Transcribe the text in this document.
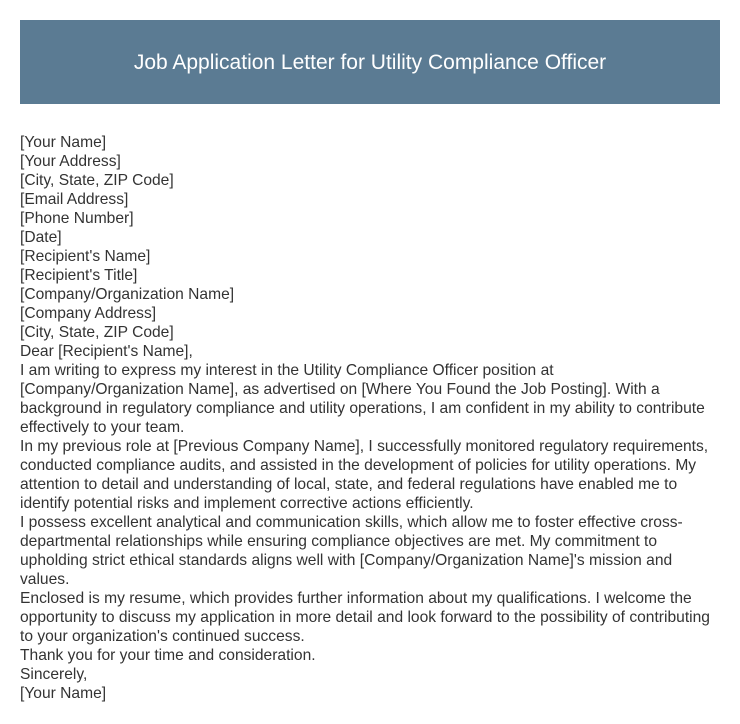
Job Application Letter for Utility Compliance Officer
[Your Name]
[Your Address]
[City, State, ZIP Code]
[Email Address]
[Phone Number]
[Date]
[Recipient's Name]
[Recipient's Title]
[Company/Organization Name]
[Company Address]
[City, State, ZIP Code]
Dear [Recipient's Name],
I am writing to express my interest in the Utility Compliance Officer position at [Company/Organization Name], as advertised on [Where You Found the Job Posting]. With a background in regulatory compliance and utility operations, I am confident in my ability to contribute effectively to your team.
In my previous role at [Previous Company Name], I successfully monitored regulatory requirements, conducted compliance audits, and assisted in the development of policies for utility operations. My attention to detail and understanding of local, state, and federal regulations have enabled me to identify potential risks and implement corrective actions efficiently.
I possess excellent analytical and communication skills, which allow me to foster effective cross-departmental relationships while ensuring compliance objectives are met. My commitment to upholding strict ethical standards aligns well with [Company/Organization Name]'s mission and values.
Enclosed is my resume, which provides further information about my qualifications. I welcome the opportunity to discuss my application in more detail and look forward to the possibility of contributing to your organization's continued success.
Thank you for your time and consideration.
Sincerely,
[Your Name]
